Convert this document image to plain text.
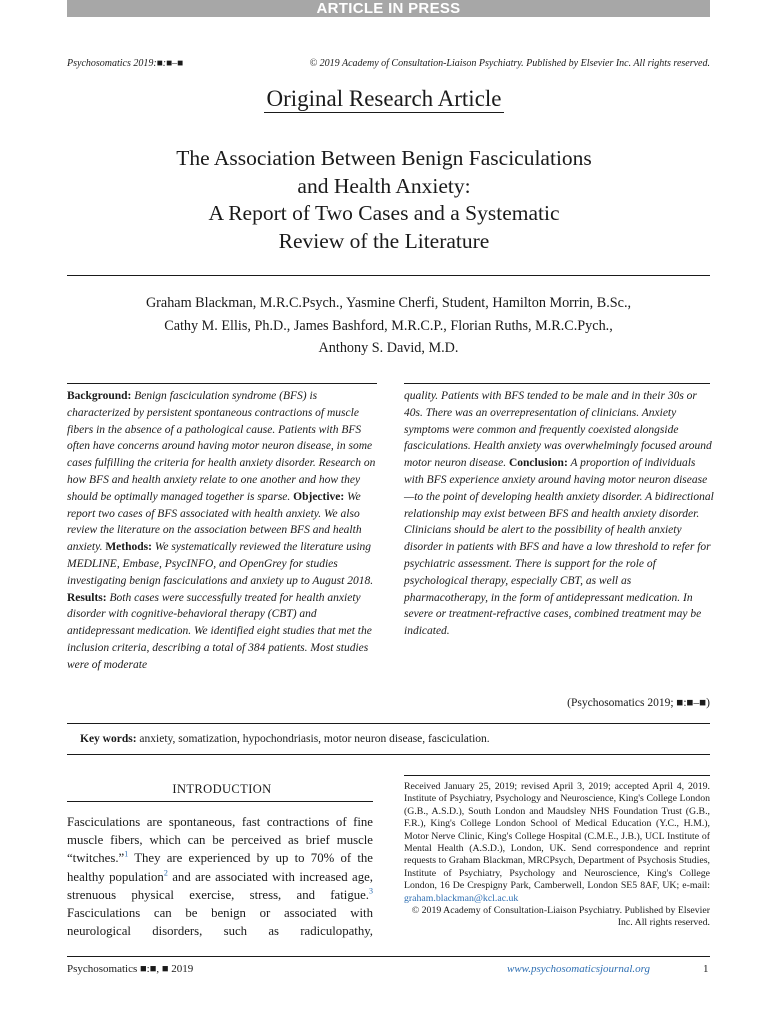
ARTICLE IN PRESS
Psychosomatics 2019:■:■–■	© 2019 Academy of Consultation-Liaison Psychiatry. Published by Elsevier Inc. All rights reserved.
Original Research Article
The Association Between Benign Fasciculations
and Health Anxiety:
A Report of Two Cases and a Systematic
Review of the Literature
Graham Blackman, M.R.C.Psych., Yasmine Cherfi, Student, Hamilton Morrin, B.Sc.,
Cathy M. Ellis, Ph.D., James Bashford, M.R.C.P., Florian Ruths, M.R.C.Pych.,
Anthony S. David, M.D.
Background: Benign fasciculation syndrome (BFS) is characterized by persistent spontaneous contractions of muscle fibers in the absence of a pathological cause. Patients with BFS often have concerns around having motor neuron disease, in some cases fulfilling the criteria for health anxiety disorder. Research on how BFS and health anxiety relate to one another and how they should be optimally managed together is sparse. Objective: We report two cases of BFS associated with health anxiety. We also review the literature on the association between BFS and health anxiety. Methods: We systematically reviewed the literature using MEDLINE, Embase, PsycINFO, and OpenGrey for studies investigating benign fasciculations and anxiety up to August 2018.
Results: Both cases were successfully treated for health anxiety disorder with cognitive-behavioral therapy (CBT) and antidepressant medication. We identified eight studies that met the inclusion criteria, describing a total of 384 patients. Most studies were of moderate
quality. Patients with BFS tended to be male and in their 30s or 40s. There was an overrepresentation of clinicians. Anxiety symptoms were common and frequently coexisted alongside fasciculations. Health anxiety was overwhelmingly focused around motor neuron disease. Conclusion: A proportion of individuals with BFS experience anxiety around having motor neuron disease—to the point of developing health anxiety disorder. A bidirectional relationship may exist between BFS and health anxiety disorder. Clinicians should be alert to the possibility of health anxiety disorder in patients with BFS and have a low threshold to refer for psychiatric assessment. There is support for the role of psychological therapy, especially CBT, as well as pharmacotherapy, in the form of antidepressant medication. In severe or treatment-refractive cases, combined treatment may be indicated.
(Psychosomatics 2019; ■:■–■)
Key words: anxiety, somatization, hypochondriasis, motor neuron disease, fasciculation.
INTRODUCTION
Fasciculations are spontaneous, fast contractions of fine muscle fibers, which can be perceived as brief muscle “twitches.”$^1$ They are experienced by up to 70% of the healthy population$^2$ and are associated with increased age, strenuous physical exercise, stress, and fatigue.$^3$ Fasciculations can be benign or associated with neurological disorders, such as radiculopathy,
Received January 25, 2019; revised April 3, 2019; accepted April 4, 2019. Institute of Psychiatry, Psychology and Neuroscience, King's College London (G.B., A.S.D.), South London and Maudsley NHS Foundation Trust (G.B., F.R.), King's College London School of Medical Education (Y.C., H.M.), Motor Nerve Clinic, King's College Hospital (C.M.E., J.B.), UCL Institute of Mental Health (A.S.D.), London, UK. Send correspondence and reprint requests to Graham Blackman, MRCPsych, Department of Psychosis Studies, Institute of Psychiatry, Psychology and Neuroscience, King's College London, 16 De Crespigny Park, Camberwell, London SE5 8AF, UK; e-mail: graham.blackman@kcl.ac.uk

© 2019 Academy of Consultation-Liaison Psychiatry. Published by Elsevier Inc. All rights reserved.
Psychosomatics ■:■, ■ 2019	www.psychosomaticsjournal.org	1
